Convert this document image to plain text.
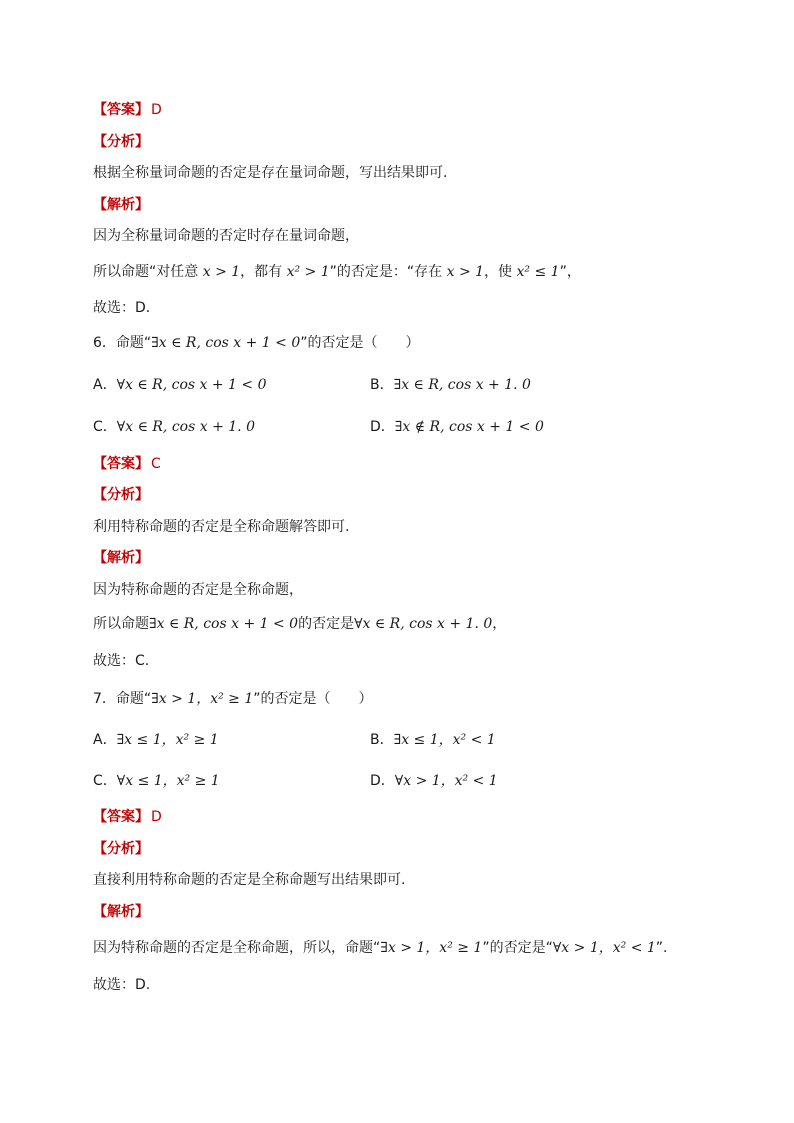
【答案】 D
【分析】
根据全称量词命题的否定是存在量词命题，写出结果即可.
【解析】
因为全称量词命题的否定时存在量词命题，
所以命题“对任意 x > 1，都有 x² > 1”的否定是：“存在 x > 1，使 x² ≤ 1”，
故选：D.
6．命题“∃x ∈ R, cos x + 1 < 0”的否定是（　　）
A．∀x ∈ R, cos x + 1 < 0	B．∃x ∈ R, cos x + 1. 0
C．∀x ∈ R, cos x + 1. 0	D．∃x ∉ R, cos x + 1 < 0
【答案】 C
【分析】
利用特称命题的否定是全称命题解答即可.
【解析】
因为特称命题的否定是全称命题，
所以命题∃x ∈ R, cos x + 1 < 0的否定是∀x ∈ R, cos x + 1. 0，
故选：C.
7．命题“∃x > 1，x² ≥ 1”的否定是（　　）
A．∃x ≤ 1，x² ≥ 1	B．∃x ≤ 1，x² < 1
C．∀x ≤ 1，x² ≥ 1	D．∀x > 1，x² < 1
【答案】 D
【分析】
直接利用特称命题的否定是全称命题写出结果即可.
【解析】
因为特称命题的否定是全称命题，所以，命题“∃x > 1，x² ≥ 1”的否定是“∀x > 1，x² < 1”.
故选：D.
